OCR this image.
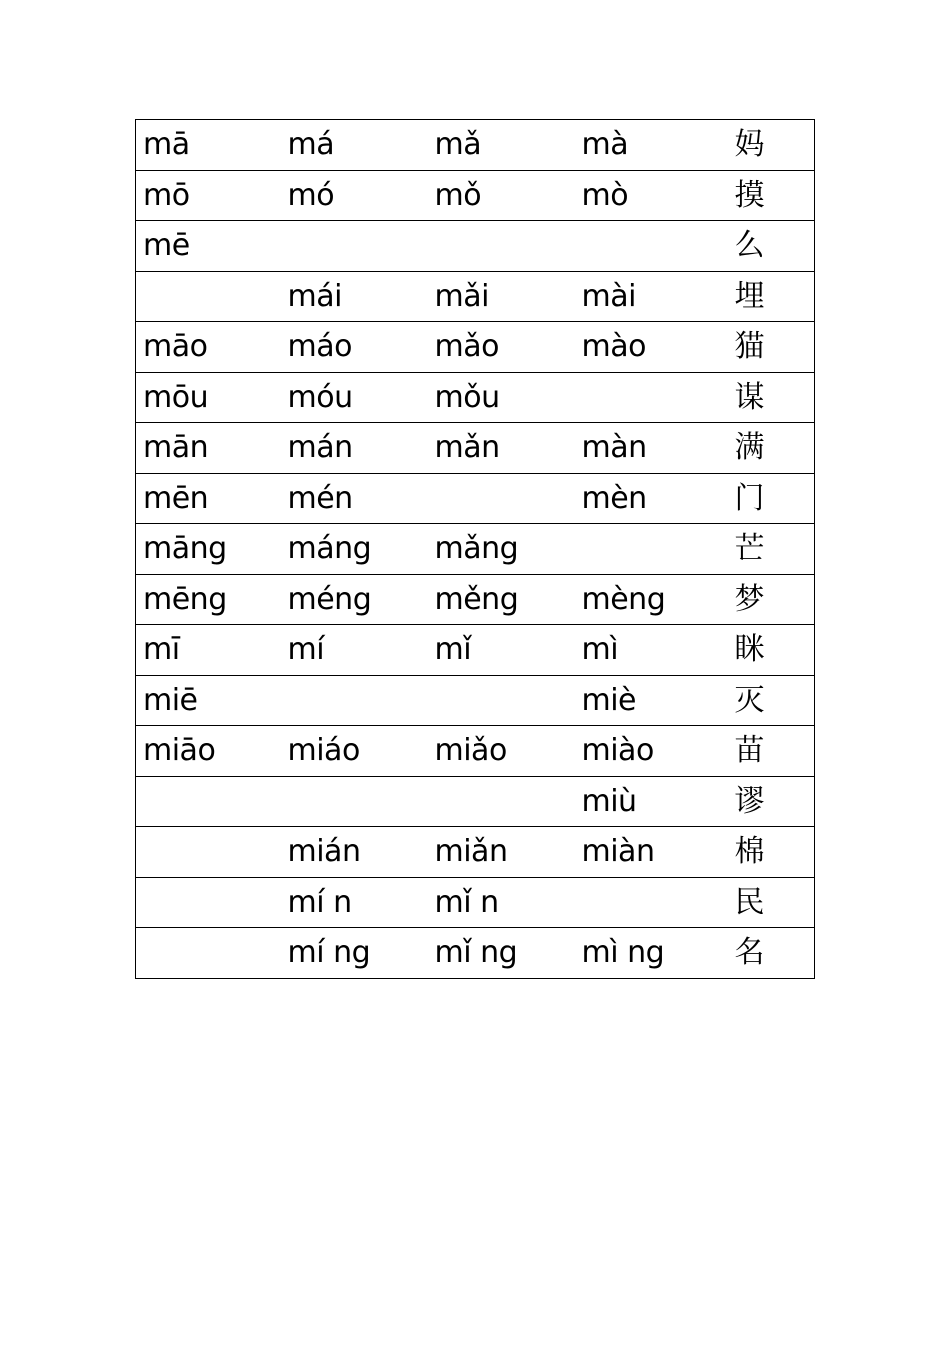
mā	má	mǎ	mà	妈
mō	mó	mǒ	mò	摸
mē				么
	mái	mǎi	mài	埋
māo	máo	mǎo	mào	猫
mōu	móu	mǒu		谋
mān	mán	mǎn	màn	满
mēn	mén		mèn	门
māng	máng	mǎng		芒
mēng	méng	měng	mèng	梦
mī	mí	mǐ	mì	眯
miē			miè	灭
miāo	miáo	miǎo	miào	苗
			miù	谬
	mián	miǎn	miàn	棉
	mí n	mǐ n		民
	mí ng	mǐ ng	mì ng	名
